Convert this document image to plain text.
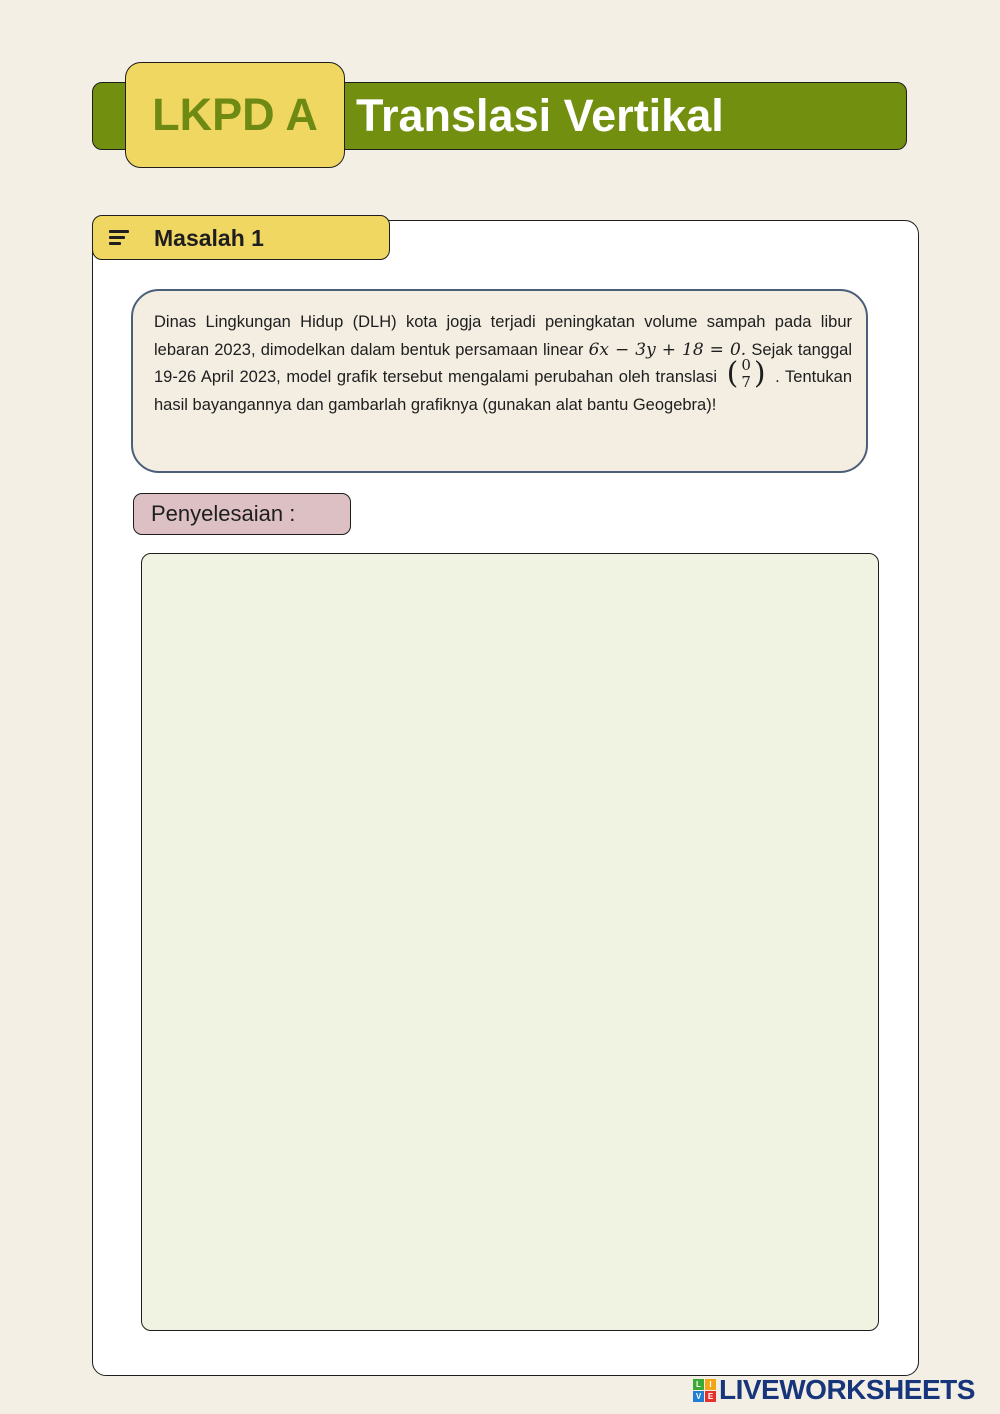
LKPD A Translasi Vertikal
Masalah 1
Dinas Lingkungan Hidup (DLH) kota jogja terjadi peningkatan volume sampah pada libur lebaran 2023, dimodelkan dalam bentuk persamaan linear 6x − 3y + 18 = 0. Sejak tanggal 19-26 April 2023, model grafik tersebut mengalami perubahan oleh translasi ( 0
7 ) . Tentukan hasil bayangannya dan gambarlah grafiknya (gunakan alat bantu Geogebra)!
Penyelesaian :
L	I
V E LIVEWORKSHEETS
